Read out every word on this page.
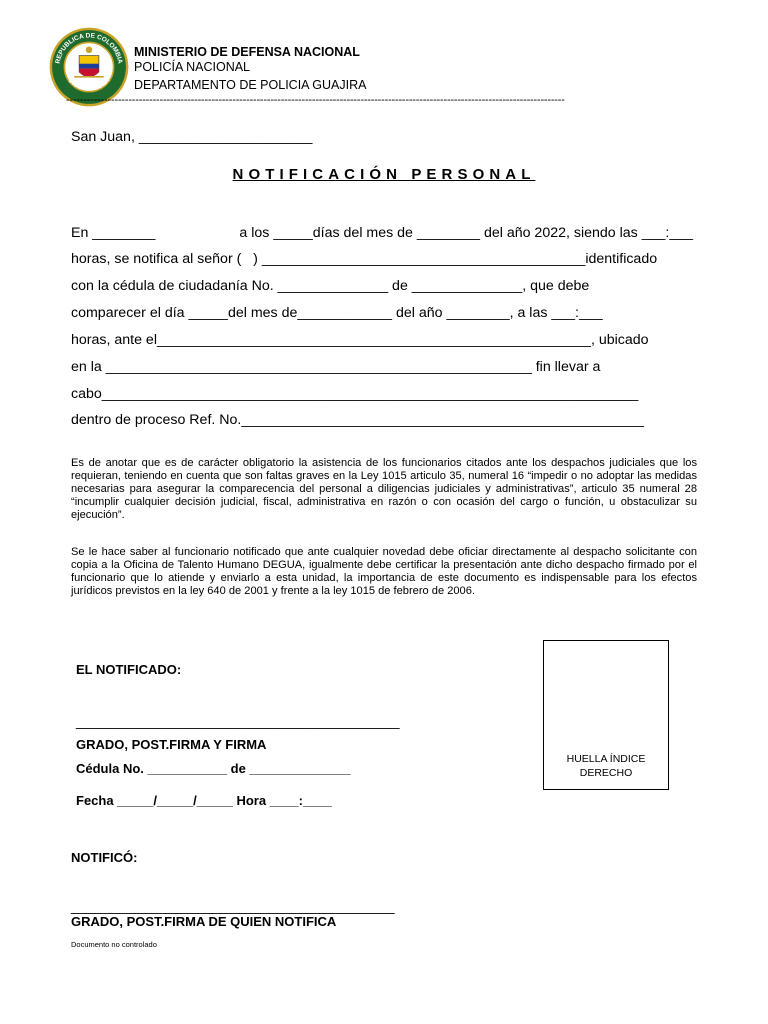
REPUBLICA DE COLOMBIA
DIOS Y PATRIA
MINISTERIO DE DEFENSA NACIONAL
POLICÍA NACIONAL
DEPARTAMENTO DE POLICIA GUAJIRA
------------------------------------------------------------------------------------------------------------------------------------------------
San Juan, ______________________
NOTIFICACIÓN PERSONAL
En ________	a los _____días del mes de ________ del año 2022, siendo las ___:___
horas, se notifica al señor (   ) _________________________________________identificado
con la cédula de ciudadanía No. ______________ de ______________, que debe
comparecer el día _____del mes de____________ del año ________, a las ___:___
horas, ante el_______________________________________________________, ubicado
en la ______________________________________________________ fin llevar a
cabo____________________________________________________________________
dentro de proceso Ref. No.___________________________________________________
Es de anotar que es de carácter obligatorio la asistencia de los funcionarios citados ante los despachos judiciales que los requieran, teniendo en cuenta que son faltas graves en la Ley 1015 articulo 35, numeral 16 “impedir o no adoptar las medidas necesarias para asegurar la comparecencia del personal a diligencias judiciales y administrativas”, articulo 35 numeral 28 “incumplir cualquier decisión judicial, fiscal, administrativa en razón o con ocasión del cargo o función, u obstaculizar su ejecución”.
Se le hace saber al funcionario notificado que ante cualquier novedad debe oficiar directamente al despacho solicitante con copia a la Oficina de Talento Humano DEGUA, igualmente debe certificar la presentación ante dicho despacho firmado por el funcionario que lo atiende y enviarlo a esta unidad, la importancia de este documento es indispensable para los efectos jurídicos previstos en la ley 640 de 2001 y frente a la ley 1015 de febrero de 2006.
EL NOTIFICADO:
_________________________________________
GRADO, POST.FIRMA Y FIRMA
Cédula No. ___________ de ______________
Fecha _____/_____/_____ Hora ____:____
HUELLA ÍNDICE DERECHO
NOTIFICÓ:
_________________________________________
GRADO, POST.FIRMA DE QUIEN NOTIFICA
Documento no controlado
